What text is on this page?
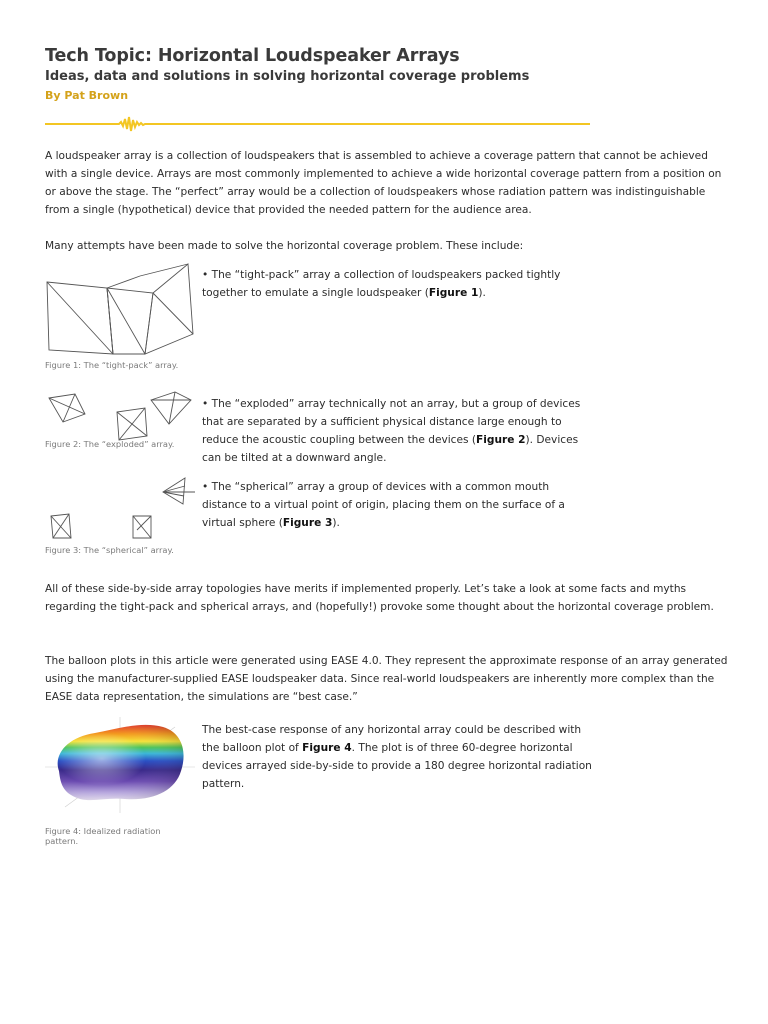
Tech Topic: Horizontal Loudspeaker Arrays
Ideas, data and solutions in solving horizontal coverage problems

By Pat Brown

A loudspeaker array is a collection of loudspeakers that is assembled to achieve a coverage pattern that cannot be achieved with a single device. Arrays are most commonly implemented to achieve a wide horizontal coverage pattern from a position on or above the stage. The “perfect” array would be a collection of loudspeakers whose radiation pattern was indistinguishable from a single (hypothetical) device that provided the needed pattern for the audience area.

Many attempts have been made to solve the horizontal coverage problem. These include:

Figure 1: The “tight-pack” array.

• The “tight-pack” array a collection of loudspeakers packed tightly together to emulate a single loudspeaker (Figure 1).

Figure 2: The “exploded” array.

• The “exploded” array technically not an array, but a group of devices that are separated by a sufficient physical distance large enough to reduce the acoustic coupling between the devices (Figure 2). Devices can be tilted at a downward angle.

Figure 3: The “spherical” array.

• The “spherical” array a group of devices with a common mouth distance to a virtual point of origin, placing them on the surface of a virtual sphere (Figure 3).

All of these side-by-side array topologies have merits if implemented properly. Let’s take a look at some facts and myths regarding the tight-pack and spherical arrays, and (hopefully!) provoke some thought about the horizontal coverage problem.

The balloon plots in this article were generated using EASE 4.0. They represent the approximate response of an array generated using the manufacturer-supplied EASE loudspeaker data. Since real-world loudspeakers are inherently more complex than the EASE data representation, the simulations are “best case.”

Figure 4: Idealized radiation pattern.

The best-case response of any horizontal array could be described with the balloon plot of Figure 4. The plot is of three 60-degree horizontal devices arrayed side-by-side to provide a 180 degree horizontal radiation pattern.
